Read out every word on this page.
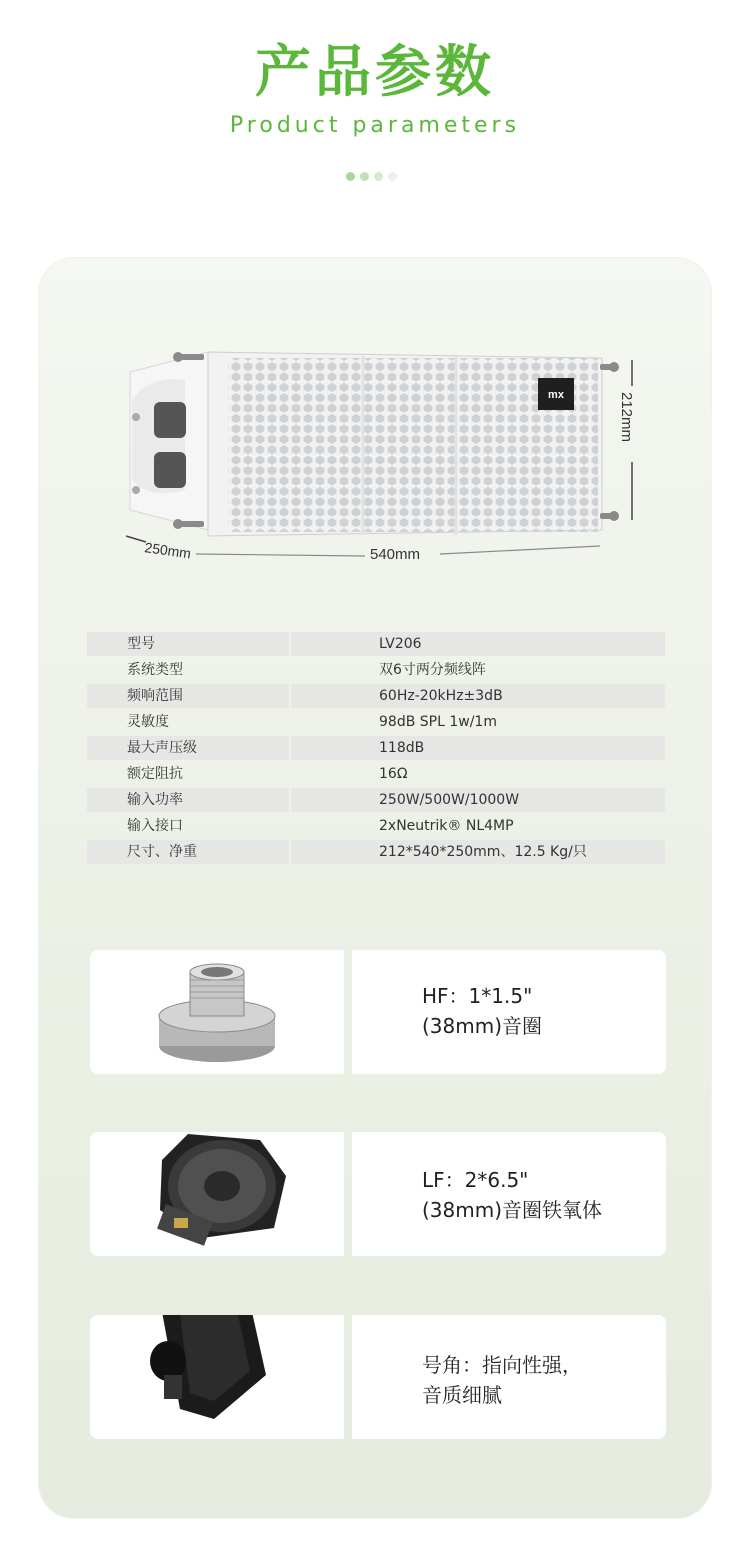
产品参数
Product parameters
mx	212mm
250mm	540mm
型号	LV206
系统类型	双6寸两分频线阵
频响范围	60Hz-20kHz±3dB
灵敏度	98dB SPL 1w/1m
最大声压级	118dB
额定阻抗	16Ω
输入功率	250W/500W/1000W
输入接口	2xNeutrik® NL4MP
尺寸、净重	212*540*250mm、12.5 Kg/只
HF：1*1.5"
(38mm)音圈
LF：2*6.5"
(38mm)音圈铁氧体
号角：指向性强，
音质细腻
